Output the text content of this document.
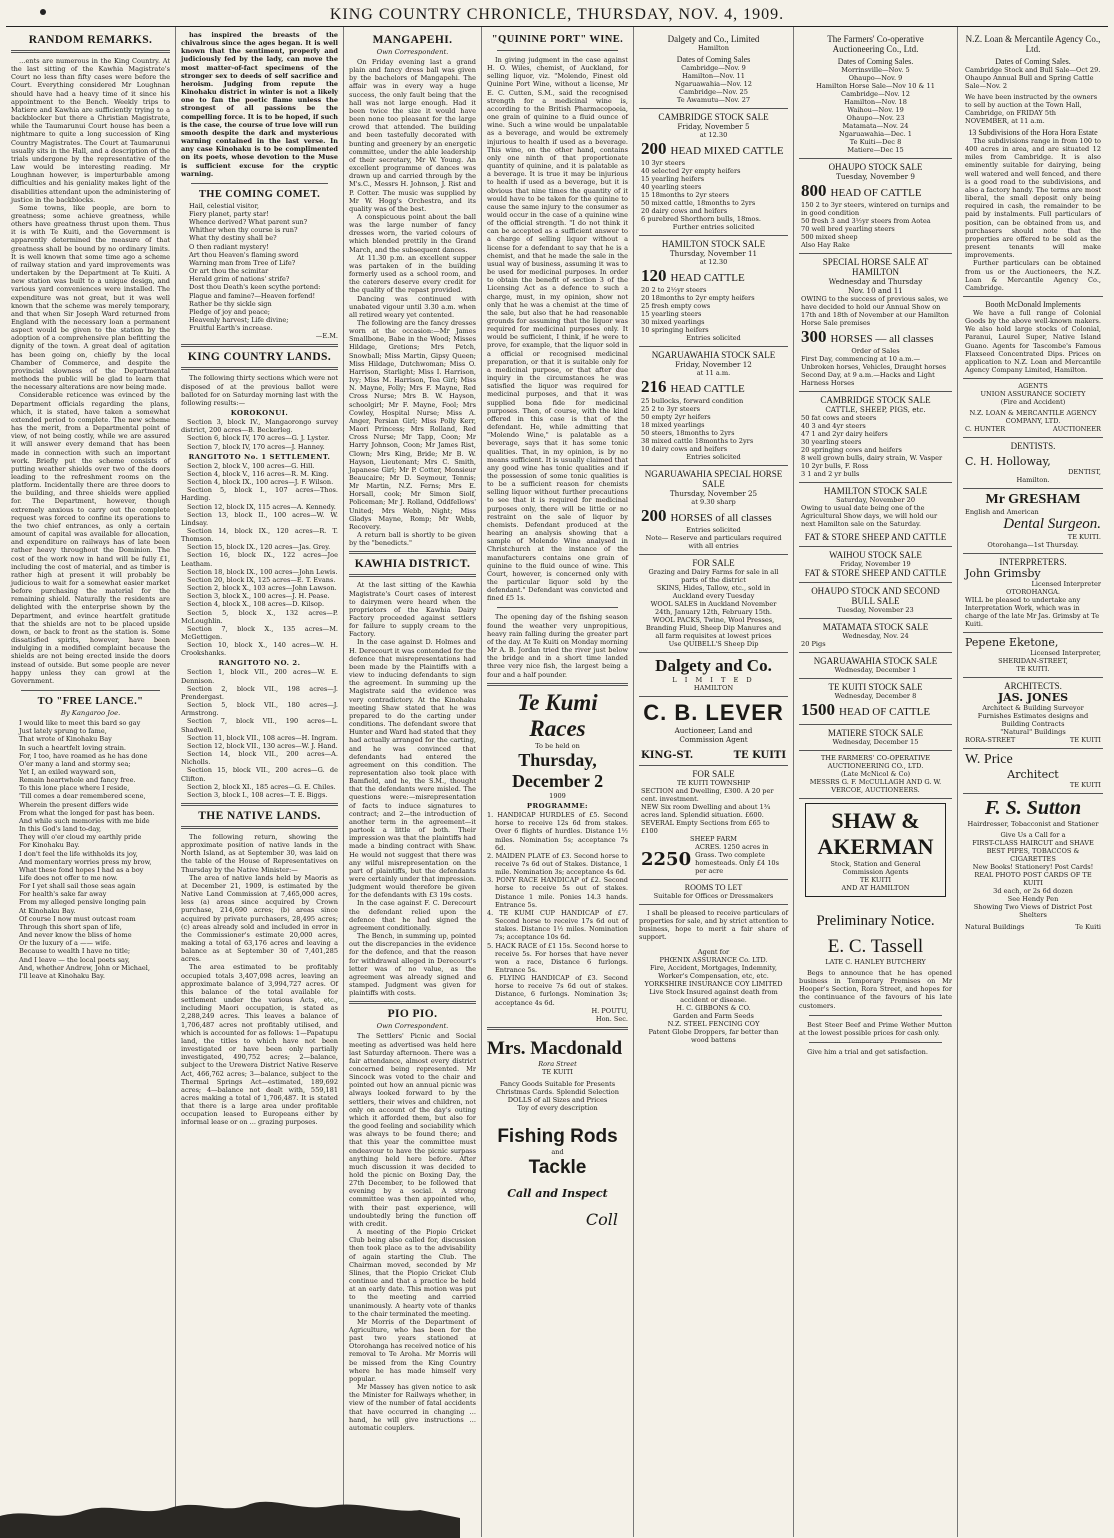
KING COUNTRY CHRONICLE, THURSDAY, NOV. 4, 1909.
RANDOM REMARKS.

…ents are numerous in the King Country. At the last sitting of the Kawhia Magistrate's Court no less than fifty cases were before the Court. Everything considered Mr Loughnan should have had a heavy time of it since his appointment to the Bench. Weekly trips to Matiere and Kawhia are sufficiently trying to a backblocker but there a Christian Magistrate, while the Taumarunui Court house has been a nightmare to quite a long succession of King Country Magistrates. The Court at Taumarunui usually sits in the Hall, and a description of the trials undergone by the representative of the Law would be interesting reading. Mr Loughnan however, is imperturbable among difficulties and his geniality makes light of the disabilities attendant upon the administering of justice in the backblocks.

Some towns, like people, are born to greatness; some achieve greatness, while others have greatness thrust upon them. Thus it is with Te Kuiti, and the Government is apparently determined the measure of that greatness shall be bound by no ordinary limits. It is well known that some time ago a scheme of railway station and yard improvements was undertaken by the Department at Te Kuiti. A new station was built to a unique design, and various yard conveniences were installed. The expenditure was not great, but it was well known that the scheme was merely temporary, and that when Sir Joseph Ward returned from England with the necessary loan a permanent aspect would be given to the station by the adoption of a comprehensive plan befitting the dignity of the town. A great deal of agitation has been going on, chiefly by the local Chamber of Commerce, and despite the provincial slowness of the Departmental methods the public will be glad to learn that the necessary alterations are now being made.

Considerable reticence was evinced by the Department officials regarding the plans, which, it is stated, have taken a somewhat extended period to complete. The new scheme has the merit, from a Departmental point of view, of not being costly, while we are assured it will answer every demand that has been made in connection with such an important work. Briefly put the scheme consists of putting weather shields over two of the doors leading to the refreshment rooms on the platform. Incidentally there are three doors to the building, and three shields were applied for. The Department, however, though extremely anxious to carry out the complete request was forced to confine its operations to the two chief entrances, as only a certain amount of capital was available for allocation, and expenditure on railways has of late been rather heavy throughout the Dominion. The cost of the work now in hand will be fully £1, including the cost of material, and as timber is rather high at present it will probably be judicious to wait for a somewhat easier market before purchasing the material for the remaining shield. Naturally the residents are delighted with the enterprise shown by the Department, and evince heartfelt gratitude that the shields are not to be placed upside down, or back to front as the station is. Some dissatisfied spirits, however, have been indulging in a modified complaint because the shields are not being erected inside the doors instead of outside. But some people are never happy unless they can growl at the Government.

TO "FREE LANCE."
By Kangaroo Joe.

I would like to meet this bard so gay

Just lately sprung to fame,

That wrote of Kinohaku Bay

In such a heartfelt loving strain.

For, I too, have roamed as he has done

O'er many a land and stormy sea;

Yet I, an exiled wayward son,

Remain heartwhole and fancy free.

To this lone place where I reside,

'Till comes a dear remembered scene,

Wherein the present differs wide

From what the longed for past has been.

And while such memories with me bide

In this God's land to-day,

They will o'er cloud my earthly pride

For Kinohaku Bay.

I don't feel the life withholds its joy,

And momentary worries press my brow,

What these fond hopes I had as a boy

Life does not offer to me now.

For I yet shall sail those seas again

For health's sake far away

From my alleged pensive longing pain

At Kinohaku Bay.

Of course I now must outcast roam

Through this short span of life,

And never know the bliss of home

Or the luxury of a —— wife.

Because to wealth I have no title;

And I leave — the local poets say,

And, whether Andrew, John or Michael,

I'll leave at Kinohaku Bay.

has inspired the breasts of the chivalrous since the ages began. It is well known that the sentiment, properly and judiciously fed by the lady, can move the most matter-of-fact specimens of the stronger sex to deeds of self sacrifice and heroism. Judging from repute the Kinohaku district in winter is not a likely one to fan the poetic flame unless the strongest of all passions be the compelling force. It is to be hoped, if such is the case, the course of true love will run smooth despite the dark and mysterious warning contained in the last verse. In any case Kinohaku is to be complimented on its poets, whose devotion to the Muse is sufficient excuse for the cryptic warning.

THE COMING COMET.

Hail, celestial visitor,

Fiery planet, party star!

Whence derived? What parent sun?

Whither when thy course is run?

What thy destiny shall be?

O then radiant mystery!

Art thou Heaven's flaming sword

Warning man from Tree of Life?

Or art thou the scimitar

Herald grim of nations' strife?

Dost thou Death's keen scythe portend:

Plague and famine?—Heaven forfend!

Rather be thy sickle sign

Pledge of joy and peace;

Heavenly harvest; Life divine;

Fruitful Earth's increase.

—E.M.

KING COUNTRY LANDS.

The following thirty sections which were not disposed of at the previous ballot were balloted for on Saturday morning last with the following results:—

KOROKONUI.

Section 3, block IV., Mangaorongo survey district, 200 acres—B. Beckerleg.

Section 6, block IV, 170 acres—G. J. Lyster.

Section 7, block IV, 170 acres—J. Hanney.

RANGITOTO No. 1 SETTLEMENT.

Section 2, block V., 100 acres—G. Hill.

Section 4, block V., 116 acres—R. M. King.

Section 4, block IX., 100 acres—J. F. Wilson.

Section 5, block I., 107 acres—Thos. Harding.

Section 12, block IX, 115 acres—A. Kennedy.

Section 13, block II., 100 acres—W. W. Lindsay.

Section 14, block IX., 120 acres—R. T. Thomson.

Section 15, block IX., 120 acres—Jas. Grey.

Section 16, block IX., 122 acres—Joe Leatham.

Section 18, block IX., 100 acres—John Lewis.

Section 20, block IX, 125 acres—E. T. Evans.

Section 2, block X., 103 acres—John Lawson.

Section 3, block X., 100 acres—J. H. Pease.

Section 4, block X., 108 acres—D. Kilsop.

Section 5, block X., 132 acres—P. McLoughlin.

Section 7, block X., 135 acres—M. McGettigen.

Section 10, block X., 140 acres—W. H. Crookshanks.

RANGITOTO NO. 2.

Section 1, block VII., 200 acres—W. E. Dennison.

Section 2, block VII., 198 acres—J. Prendergast.

Section 5, block VII., 180 acres—J. Armstrong.

Section 7, block VII., 190 acres—L. Shadwell.

Section 11, block VII., 108 acres—H. Ingram.

Section 12, block VII., 130 acres—W. J. Hand.

Section 14, block VII., 200 acres—A. Nicholls.

Section 15, block VII., 200 acres—G. de Clifton.

Section 2, block XI., 185 acres—G. E. Chiles.

Section 3, block I., 108 acres—T. E. Biggs.

THE NATIVE LANDS.

The following return, showing the approximate position of native lands in the North Island, as at September 30, was laid on the table of the House of Representatives on Thursday by the Native Minister:—

The area of native lands held by Maoris as at December 21, 1909, is estimated by the Native Land Commission at 7,465,000 acres, less (a) areas since acquired by Crown purchase, 214,690 acres; (b) areas since acquired by private purchasers, 28,495 acres; (c) areas already sold and included in error in the Commissioner's estimate 20,000 acres, making a total of 63,176 acres and leaving a balance as at September 30 of 7,401,285 acres.

The area estimated to be profitably occupied totals 3,407,098 acres, leaving an approximate balance of 3,994,727 acres. Of this balance of the total available for settlement under the various Acts, etc., including Maori occupation, is stated as 2,288,249 acres. This leaves a balance of 1,706,487 acres not profitably utilised, and which is accounted for as follows: 1—Papatupu land, the titles to which have not been investigated or have been only partially investigated, 490,752 acres; 2—balance, subject to the Urewera District Native Reserve Act, 466,762 acres; 3—balance, subject to the Thermal Springs Act—estimated, 189,692 acres; 4—balance not dealt with, 559,181 acres making a total of 1,706,487. It is stated that there is a large area under profitable occupation leased to Europeans either by informal lease or on ... grazing purposes.

MANGAPEHI.
Own Correspondent.

On Friday evening last a grand plain and fancy dress ball was given by the bachelors of Mangapehi. The affair was in every way a huge success, the only fault being that the hall was not large enough. Had it been twice the size it would have been none too pleasant for the large crowd that attended. The building and been tastefully decorated with bunting and greenery by an energetic committee, under the able leadership of their secretary, Mr W. Young. An excellent programme of dances was drawn up and carried through by the M's.C., Messrs H. Johnson, J. Rist and P. Cotter. The music was supplied by Mr W. Hogg's Orchestra, and its quality was of the best.

A conspicuous point about the ball was the large number of fancy dresses worn, the varied colours of which blended prettily in the Grand March, and the subsequent dances.

At 11.30 p.m. an excellent supper was partaken of in the building formerly used as a school room, and the caterers deserve every credit for the quality of the repast provided.

Dancing was continued with unabated vigour until 3.30 a.m. when all retired weary yet contented.

The following are the fancy dresses worn at the occasion:—Mr James Smallbone, Babe in the Wood; Misses Hildage, Gretions; Mrs Petch, Snowball; Miss Martin, Gipsy Queen; Miss Hildage, Dutchwoman; Miss O. Harrison, Starlight; Miss I. Harrison, Ivy; Miss M. Harrison, Tea Girl; Miss N. Mayne, Folly; Mrs F. Mayne, Red Cross Nurse; Mrs B. W. Hayson, schoolgirl; Mr F. Mayne, Fool; Mrs Cowley, Hospital Nurse; Miss A. Anger, Persian Girl; Miss Polly Kerr, Maori Princess; Mrs Rolland, Red Cross Nurse; Mr Tapp, Coon; Mr Harry Johnson, Coon; Mr James Rist, Clown; Mrs King, Bride; Mr B. W. Hayson, Lieutenant; Mrs C. Smith, Japanese Girl; Mr P. Cotter, Monsieur Beaucaire; Mr D. Seymour, Tennis; Mr Martin, N.Z. Ferns; Mrs E. Horsall, cook; Mr Simon Siolf, Policeman; Mr J. Rolland, Oddfellows' United; Mrs Webb, Night; Miss Gladys Mayne, Romp; Mr Webb, Recovery.

A return ball is shortly to be given by the "benedicts."

KAWHIA DISTRICT.

At the last sitting of the Kawhia Magistrate's Court cases of interest to dairymen were heard when the proprietors of the Kawhia Dairy Factory proceeded against settlers for failure to supply cream to the Factory.

In the case against D. Holmes and H. Derecourt it was contended for the defence that misrepresentations had been made by the Plaintiffs with a view to inducing defendants to sign the agreement. In summing up the Magistrate said the evidence was very contradictory. At the Kinohaku meeting Shaw stated that he was prepared to do the carting under conditions. The defendant swore that Hunter and Ward had stated that they had actually arranged for the carting, and he was convinced that defendants had entered the agreement on this condition. The representation also took place with Bamfield, and he, the S.M., thought that the defendants were misled. The questions were:—misrepresentation of facts to induce signatures to contract; and 2—the introduction of another term in the agreement—it partook a little of both. Their impression was that the plaintiffs had made a binding contract with Shaw. He would not suggest that there was any wilful misrepresentation on the part of plaintiffs, but the defendants were certainly under that impression. Judgment would therefore be given for the defendants with £3 19s costs.

In the case against F. C. Derecourt the defendant relied upon the defence that he had signed the agreement conditionally.

The Bench, in summing up, pointed out the discrepancies in the evidence for the defence, and that the reason for withdrawal alleged in Derecourt's letter was of no value, as the agreement was already signed and stamped. Judgment was given for plaintiffs with costs.

PIO PIO.
Own Correspondent.

The Settlers' Picnic and Social meeting as advertised was held here last Saturday afternoon. There was a fair attendance, almost every district concerned being represented. Mr Sincock was voted to the chair and pointed out how an annual picnic was always looked forward to by the settlers, their wives and children, not only on account of the day's outing which it afforded them, but also for the good feeling and sociability which was always to be found there; and that this year the committee must endeavour to have the picnic surpass anything held here before. After much discussion it was decided to hold the picnic on Boxing Day, the 27th December, to be followed that evening by a social. A strong committee was then appointed who, with their past experience, will undoubtedly bring the function off with credit.

A meeting of the Piopio Cricket Club being also called for, discussion then took place as to the advisability of again starting the Club. The Chairman moved, seconded by Mr Slines, that the Piopio Cricket Club continue and that a practice be held at an early date. This motion was put to the meeting and carried unanimously. A hearty vote of thanks to the chair terminated the meeting.

Mr Morris of the Department of Agriculture, who has been for the past two years stationed at Otorohanga has received notice of his removal to Te Aroha. Mr Morris will be missed from the King Country where he has made himself very popular.

Mr Massey has given notice to ask the Minister for Railways whether, in view of the number of fatal accidents that have occurred in changing … hand, he will give instructions … automatic couplers.

"QUININE PORT" WINE.

In giving judgment in the case against H. O. Wiles, chemist, of Auckland, for selling liquor, viz. "Molendo, Finest old Quinine Port Wine, without a license, Mr E. C. Cutten, S.M., said the recognised strength for a medicinal wine is, according to the British Pharmacopoeia, one grain of quinine to a fluid ounce of wine. Such a wine would be unpalatable as a beverage, and would be extremely injurious to health if used as a beverage. This wine, on the other hand, contains only one ninth of that proportionate quantity of quinine, and it is palatable as a beverage. It is true it may be injurious to health if used as a beverage, but it is obvious that nine times the quantity of it would have to be taken for the quinine to cause the same injury to the consumer as would occur in the case of a quinine wine of the official strength. "I do not think it can be accepted as a sufficient answer to a charge of selling liquor without a license for a defendant to say that he is a chemist, and that he made the sale in the usual way of business, assuming it was to be used for medicinal purposes. In order to obtain the benefit of section 3 of the Licensing Act as a defence to such a charge, must, in my opinion, show not only that he was a chemist at the time of the sale, but also that he had reasonable grounds for assuming that the liquor was required for medicinal purposes only. It would be sufficient, I think, if he were to prove, for example, that the liquor sold in a official or recognised medicinal preparation, or that it is suitable only for a medicinal purpose, or that after due inquiry in the circumstances he was satisfied the liquor was required for medicinal purposes, and that it was supplied bona fide for medicinal purposes. Then, of course, with the kind offered in this case is that of the defendant. He, while admitting that "Molendo Wine," is palatable as a beverage, says that it has some tonic qualities. That, in my opinion, is by no means sufficient. It is usually claimed that any good wine has tonic qualities and if the possession of some tonic qualities is to be a sufficient reason for chemists selling liquor without further precautions to see that it is required for medicinal purposes only, there will be little or no restraint on the sale of liquor by chemists. Defendant produced at the hearing an analysis showing that a sample of Molendo Wine analysed in Christchurch at the instance of the manufacturers contains one grain of quinine to the fluid ounce of wine. This Court, however, is concerned only with the particular liquor sold by the defendant." Defendant was convicted and fined £5 1s.

The opening day of the fishing season found the weather very unpropitious, heavy rain falling during the greater part of the day. At Te Kuiti on Monday morning Mr A. B. Jordan tried the river just below the bridge and in a short time landed three very nice fish, the largest being a four and a half pounder.

Te Kumi Races

To be held on

Thursday, December 2

1909

PROGRAMME:

1. HANDICAP HURDLES of £5. Second horse to receive 12s 6d from stakes. Over 6 flights of hurdles. Distance 1½ miles. Nomination 5s; acceptance 7s 6d.

2. MAIDEN PLATE of £3. Second horse to receive 7s 6d out of Stakes. Distance, 1 mile. Nomination 3s; acceptance 4s 6d.

3. PONY RACE HANDICAP of £2. Second horse to receive 5s out of stakes. Distance 1 mile. Ponies 14.3 hands. Entrance 5s.

4. TE KUMI CUP HANDICAP of £7. Second horse to receive 17s 6d out of stakes. Distance 1½ miles. Nomination 7s; acceptance 10s 6d.

5. HACK RACE of £1 15s. Second horse to receive 5s. For horses that have never won a race, Distance 6 furlongs. Entrance 5s.

6. FLYING HANDICAP of £3. Second horse to receive 7s 6d out of stakes. Distance, 6 furlongs. Nomination 3s; acceptance 4s 6d.

H. POUTU,

Hon. Sec.

Mrs. Macdonald

Rora Street

TE KUITI

Fancy Goods Suitable for Presents
Christmas Cards. Splendid Selection
DOLLS of all Sizes and Prices
Toy of every description
Fishing Rods

and

Tackle
Call and Inspect
Coll
Dalgety and Co., Limited
Hamilton
Dates of Coming Sales
Cambridge—Nov. 9
Hamilton—Nov. 11
Ngaruawahia—Nov. 12
Cambridge—Nov. 25
Te Awamutu—Nov. 27
CAMBRIDGE STOCK SALE
Friday, November 5
at 12.30
200 HEAD MIXED CATTLE
10 3yr steers
40 selected 2yr empty heifers
15 yearling heifers
40 yearling steers
15 18months to 2yr steers
50 mixed cattle, 18months to 2yrs
20 dairy cows and heifers
6 purebred Shorthorn bulls, 18mos.
Further entries solicited
HAMILTON STOCK SALE
Thursday, November 11
at 12.30
120 HEAD CATTLE
20 2 to 2½yr steers
20 18months to 2yr empty heifers
25 fresh empty cows
15 yearling steers
30 mixed yearlings
10 springing heifers
Entries solicited
NGARUAWAHIA STOCK SALE
Friday, November 12
at 11 a.m.
216 HEAD CATTLE
25 bullocks, forward condition
25 2 to 3yr steers
50 empty 2yr heifers
18 mixed yearlings
50 steers, 18months to 2yrs
38 mixed cattle 18months to 2yrs
10 dairy cows and heifers
Entries solicited
NGARUAWAHIA SPECIAL HORSE SALE
Thursday, November 25
at 9.30 sharp
200 HORSES of all classes
Entries solicited
Note— Reserve and particulars required with all entries
FOR SALE
Grazing and Dairy Farms for sale in all parts of the district
SKINS, Hides, Tallow, etc., sold in Auckland every Tuesday
WOOL SALES in Auckland November 24th, January 12th, February 15th.
WOOL PACKS, Twine, Wool Presses, Branding Fluid, Sheep Dip Manures and all farm requisites at lowest prices
Use QUIBELL'S Sheep Dip
Dalgety and Co.
L I M I T E D
HAMILTON
C. B. LEVER
Auctioneer, Land and
Commission Agent
KING-ST.	TE KUITI
FOR SALE
TE KUITI TOWNSHIP
SECTION and Dwelling, £300. A 20 per cent. investment.
NEW Six room Dwelling and about 1¾ acres land. Splendid situation. £600.
SEVERAL Empty Sections from £65 to £100
SHEEP FARM
2250
ACRES. 1250 acres in Grass. Two complete homesteads. Only £4 10s per acre
ROOMS TO LET
Suitable for Offices or Dressmakers

I shall be pleased to receive particulars of properties for sale, and by strict attention to business, hope to merit a fair share of support.

Agent for
PHŒNIX ASSURANCE Co. LTD.
Fire, Accident, Mortgages, Indemnity, Worker's Compensation, etc, etc.
YORKSHIRE INSURANCE COY LIMITED
Live Stock Insured against death from accident or disease.
H. C. GIBBONS & CO.
Garden and Farm Seeds
N.Z. STEEL FENCING COY
Patent Globe Droppers, far better than wood battens
The Farmers' Co-operative Auctioneering Co., Ltd.
Dates of Coming Sales.
Morrinsville—Nov. 5
Ohaupo—Nov. 9
Hamilton Horse Sale—Nov 10 & 11
Cambridge—Nov. 12
Hamilton—Nov. 18
Waihou—Nov. 19
Ohaupo—Nov. 23
Matamata—Nov. 24
Ngaruawahia—Dec. 1
Te Kuiti—Dec 8
Matiere—Dec 15
OHAUPO STOCK SALE
Tuesday, November 9
800 HEAD OF CATTLE
150 2 to 3yr steers, wintered on turnips and in good condition
50 fresh 3 and 3½yr steers from Aotea
70 well bred yearling steers
500 mixed sheep
Also Hay Rake
SPECIAL HORSE SALE AT HAMILTON
Wednesday and Thursday
Nov. 10 and 11
OWING to the success of previous sales, we have decided to hold our Annual Show on 17th and 18th of November at our Hamilton Horse Sale premises
300 HORSES — all classes
Order of Sales
First Day, commencing at 10 a.m.—Unbroken horses, Vehicles, Draught horses
Second Day, at 9 a.m.—Hacks and Light Harness Horses
CAMBRIDGE STOCK SALE
CATTLE, SHEEP, PIGS, etc.
50 fat cows and steers
40 3 and 4yr steers
47 1 and 2yr dairy heifers
30 yearling steers
20 springing cows and heifers
8 well grown bulls, dairy strain, W. Vasper
10 2yr bulls, F. Ross
3 1 and 2 yr bulls
HAMILTON STOCK SALE
Saturday, November 20
Owing to usual date being one of the Agricultural Show days, we will hold our next Hamilton sale on the Saturday.
FAT & STORE SHEEP AND CATTLE
WAIHOU STOCK SALE
Friday, November 19
FAT & STORE SHEEP AND CATTLE
OHAUPO STOCK AND SECOND BULL SALE
Tuesday, November 23
MATAMATA STOCK SALE
Wednesday, Nov. 24
20 Pigs
NGARUAWAHIA STOCK SALE
Wednesday, December 1
TE KUITI STOCK SALE
Wednesday, December 8
1500 HEAD OF CATTLE
MATIERE STOCK SALE
Wednesday, December 15
THE FARMERS' CO-OPERATIVE AUCTIONEERING CO., LTD.
(Late McNicol & Co)
MESSRS G. F. McCULLAGH AND G. W. VERCOE, AUCTIONEERS.
SHAW &
AKERMAN
Stock, Station and General Commission Agents
TE KUITI
AND AT HAMILTON
Preliminary Notice.
E. C. Tassell
LATE C. HANLEY BUTCHERY

Begs to announce that he has opened business in Temporary Premises on Mr Hooper's Section, Rora Street, and hopes for the continuance of the favours of his late customers.

Best Steer Beef and Prime Wether Mutton at the lowest possible prices for cash only.

Give him a trial and get satisfaction.

N.Z. Loan & Mercantile Agency Co., Ltd.
Dates of Coming Sales.
Cambridge Stock and Bull Sale—Oct 29. Ohaupo Annual Bull and Spring Cattle Sale—Nov. 2
We have been instructed by the owners to sell by auction at the Town Hall, Cambridge, on FRIDAY 5th NOVEMBER, at 11 a.m.
13 Subdivisions of the Hora Hora Estate

The subdivisions range in from 100 to 400 acres in area, and are situated 12 miles from Cambridge. It is also eminently suitable for dairying, being well watered and well fenced, and there is a good road to the subdivisions, and also a factory handy. The terms are most liberal, the small deposit only being required in cash, the remainder to be paid by instalments. Full particulars of position, can be obtained from us, and purchasers should note that the properties are offered to be sold as the present tenants will make improvements.

Further particulars can be obtained from us or the Auctioneers, the N.Z. Loan & Mercantile Agency Co., Cambridge.

Booth McDonald Implements

We have a full range of Colonial Goods by the above well-known makers. We also hold large stocks of Colonial, Paranui, Laurel Super, Native Island Guano. Agents for Tascombe's Famous Flaxseed Concentrated Dips. Prices on application to N.Z. Loan and Mercantile Agency Company Limited, Hamilton.

AGENTS
UNION ASSURANCE SOCIETY
(Fire and Accident)
N.Z. LOAN & MERCANTILE AGENCY COMPANY, LTD.
C. HUNTER	AUCTIONEER
DENTISTS.
C. H. Holloway,
DENTIST,
Hamilton.
Mr GRESHAM
English and American
Dental Surgeon.
TE KUITI.
Otorohanga—1st Thursday.
INTERPRETERS.
John Grimsby
Licensed Interpreter
OTOROHANGA.
WILL be pleased to undertake any Interpretation Work, which was in charge of the late Mr Jas. Grimsby at Te Kuiti.
Pepene Eketone,
Licensed Interpreter,
SHERIDAN-STREET,
TE KUITI.
ARCHITECTS.
JAS. JONES
Architect & Building Surveyor
Furnishes Estimates designs and Building Contracts
"Natural" Buildings
RORA-STREET	TE KUITI
W. Price
Architect
TE KUITI
F. S. Sutton
Hairdresser, Tobacconist and Stationer
Give Us a Call for a
FIRST-CLASS HAIRCUT and SHAVE
BEST PIPES, TOBACCOS & CIGARETTES
New Books! Stationery! Post Cards!
REAL PHOTO POST CARDS OF TE KUITI
3d each, or 2s 6d dozen
See Hendy Pen
Showing Two Views of District Post Shelters
Natural Buildings	Te Kuiti
